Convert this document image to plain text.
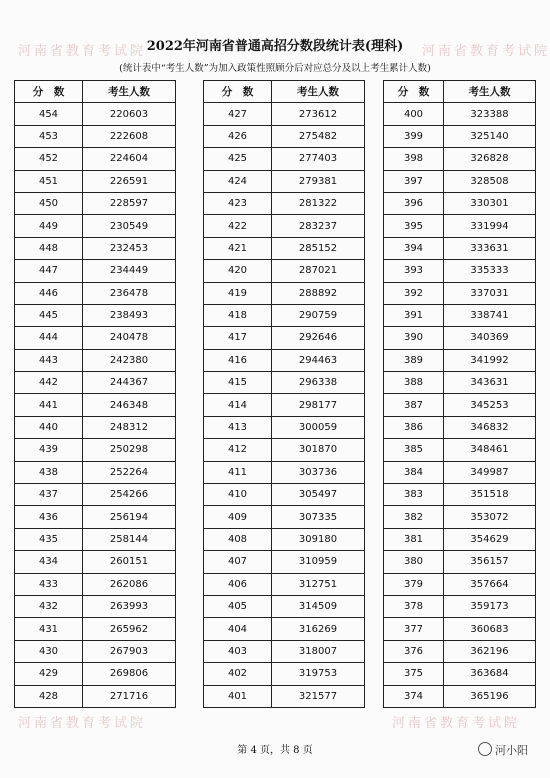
2022年河南省普通高招分数段统计表(理科)
(统计表中“考生人数”为加入政策性照顾分后对应总分及以上考生累计人数)
河南省教育考试院	河南省教育考试院
河南省教育考试院	河南省教育考试院
分　数	考生人数
454	220603
453	222608
452	224604
451	226591
450	228597
449	230549
448	232453
447	234449
446	236478
445	238493
444	240478
443	242380
442	244367
441	246348
440	248312
439	250298
438	252264
437	254266
436	256194
435	258144
434	260151
433	262086
432	263993
431	265962
430	267903
429	269806
428	271716
分　数	考生人数
427	273612
426	275482
425	277403
424	279381
423	281322
422	283237
421	285152
420	287021
419	288892
418	290759
417	292646
416	294463
415	296338
414	298177
413	300059
412	301870
411	303736
410	305497
409	307335
408	309180
407	310959
406	312751
405	314509
404	316269
403	318007
402	319753
401	321577
分　数	考生人数
400	323388
399	325140
398	326828
397	328508
396	330301
395	331994
394	333631
393	335333
392	337031
391	338741
390	340369
389	341992
388	343631
387	345253
386	346832
385	348461
384	349987
383	351518
382	353072
381	354629
380	356157
379	357664
378	359173
377	360683
376	362196
375	363684
374	365196
第 4 页，共 8 页	河小阳
